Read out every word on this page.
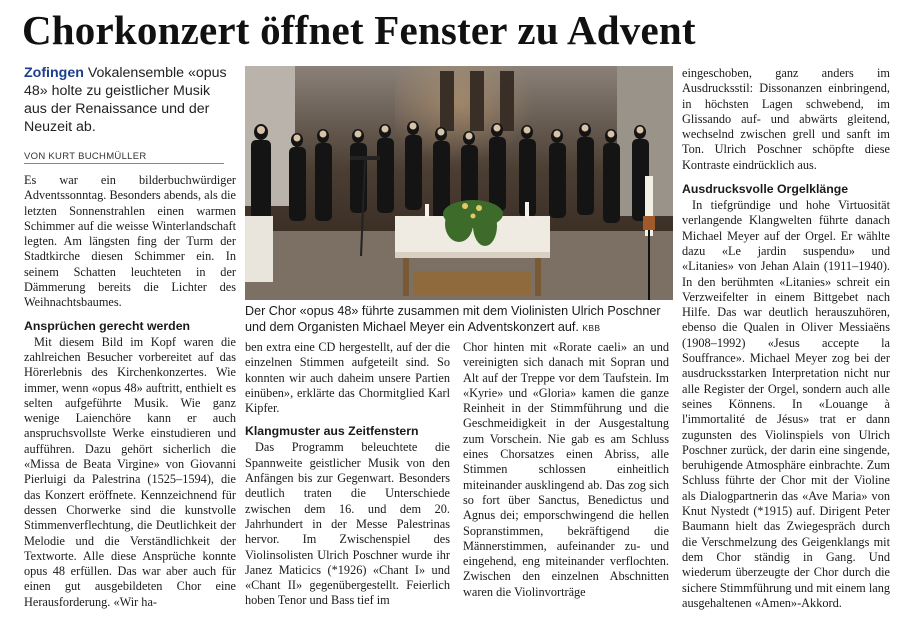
Chorkonzert öffnet Fenster zu Advent
Zofingen Vokalensemble «opus 48» holte zu geistlicher Musik aus der Renaissance und der Neuzeit ab.
VON KURT BUCHMÜLLER

Es war ein bilderbuchwürdiger Adventssonntag. Besonders abends, als die letzten Sonnenstrahlen einen warmen Schimmer auf die weisse Winterlandschaft legten. Am längsten fing der Turm der Stadtkirche diesen Schimmer ein. In seinem Schatten leuchteten in der Dämmerung bereits die Lichter des Weihnachtsbaumes.

Ansprüchen gerecht werden

Mit diesem Bild im Kopf waren die zahlreichen Besucher vorbereitet auf das Hörerlebnis des Kirchenkonzertes. Wie immer, wenn «opus 48» auftritt, enthielt es selten aufgeführte Musik. Wie ganz wenige Laienchöre kann er auch anspruchsvollste Werke einstudieren und aufführen. Dazu gehört sicherlich die «Missa de Beata Virgine» von Giovanni Pierluigi da Palestrina (1525–1594), die das Konzert eröffnete. Kennzeichnend für dessen Chorwerke sind die kunstvolle Stimmenverflechtung, die Deutlichkeit der Melodie und die Verständlichkeit der Textworte. Alle diese Ansprüche konnte opus 48 erfüllen. Das war aber auch für einen gut ausgebildeten Chor eine Herausforderung. «Wir ha-

Der Chor «opus 48» führte zusammen mit dem Violinisten Ulrich Poschner und dem Organisten Michael Meyer ein Adventskonzert auf. KBB

ben extra eine CD hergestellt, auf der die einzelnen Stimmen aufgeteilt sind. So konnten wir auch daheim unsere Partien einüben», erklärte das Chormitglied Karl Kipfer.

Klangmuster aus Zeitfenstern

Das Programm beleuchtete die Spannweite geistlicher Musik von den Anfängen bis zur Gegenwart. Besonders deutlich traten die Unterschiede zwischen dem 16. und dem 20. Jahrhundert in der Messe Palestrinas hervor. Im Zwischenspiel des Violinsolisten Ulrich Poschner wurde ihr Janez Maticics (*1926) «Chant I» und «Chant II» gegenübergestellt. Feierlich hoben Tenor und Bass tief im

Chor hinten mit «Rorate caeli» an und vereinigten sich danach mit Sopran und Alt auf der Treppe vor dem Taufstein. Im «Kyrie» und «Gloria» kamen die ganze Reinheit in der Stimmführung und die Geschmeidigkeit in der Ausgestaltung zum Vorschein. Nie gab es am Schluss eines Chorsatzes einen Abriss, alle Stimmen schlossen einheitlich miteinander ausklingend ab. Das zog sich so fort über Sanctus, Benedictus und Agnus dei; emporschwingend die hellen Sopranstimmen, bekräftigend die Männerstimmen, aufeinander zu- und eingehend, eng miteinander verflochten. Zwischen den einzelnen Abschnitten waren die Violinvorträge

eingeschoben, ganz anders im Ausdrucksstil: Dissonanzen einbringend, in höchsten Lagen schwebend, im Glissando auf- und abwärts gleitend, wechselnd zwischen grell und sanft im Ton. Ulrich Poschner schöpfte diese Kontraste eindrücklich aus.

Ausdrucksvolle Orgelklänge

In tiefgründige und hohe Virtuosität verlangende Klangwelten führte danach Michael Meyer auf der Orgel. Er wählte dazu «Le jardin suspendu» und «Litanies» von Jehan Alain (1911–1940). In den berühmten «Litanies» schreit ein Verzweifelter in einem Bittgebet nach Hilfe. Das war deutlich herauszuhören, ebenso die Qualen in Oliver Messiaëns (1908–1992) «Jesus accepte la Souffrance». Michael Meyer zog bei der ausdrucksstarken Interpretation nicht nur alle Register der Orgel, sondern auch alle seines Könnens. In «Louange à l'immortalité de Jésus» trat er dann zugunsten des Violinspiels von Ulrich Poschner zurück, der darin eine singende, beruhigende Atmosphäre einbrachte. Zum Schluss führte der Chor mit der Violine als Dialogpartnerin das «Ave Maria» von Knut Nystedt (*1915) auf. Dirigent Peter Baumann hielt das Zwiegespräch durch die Verschmelzung des Geigenklangs mit dem Chor ständig in Gang. Und wiederum überzeugte der Chor durch die sichere Stimmführung und mit einem lang ausgehaltenen «Amen»-Akkord.
